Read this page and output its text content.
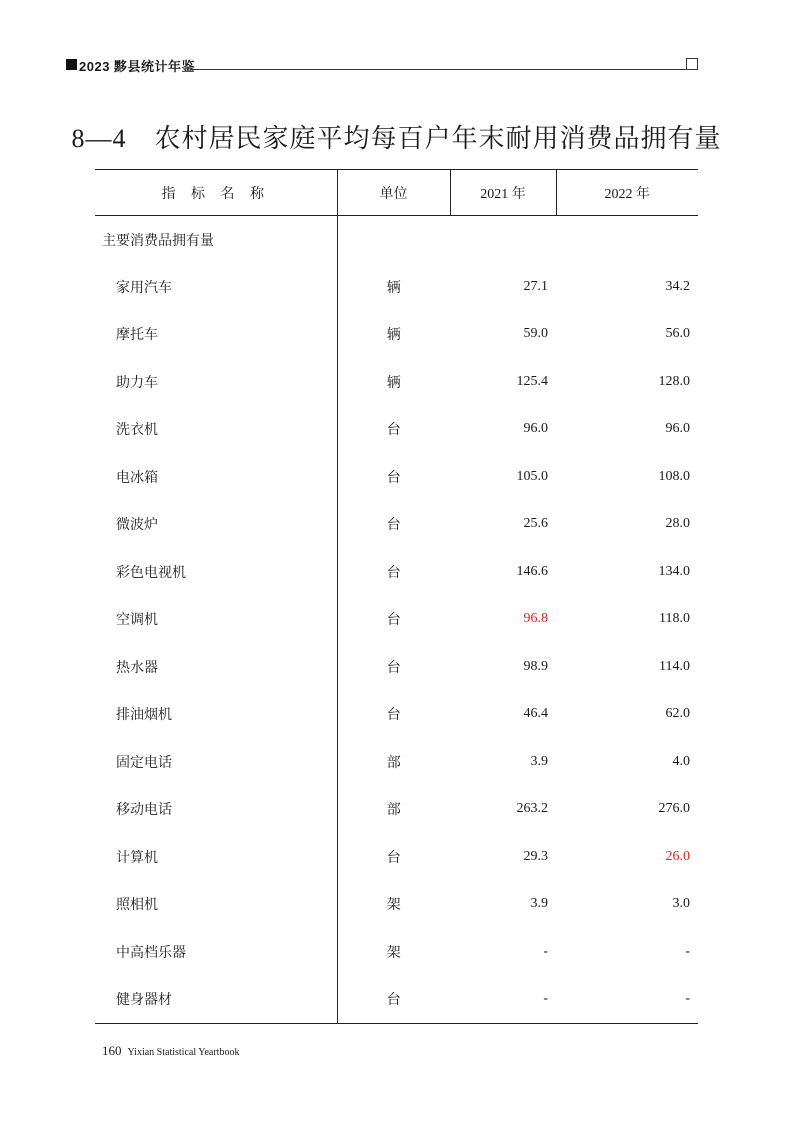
2023 黟县统计年鉴
8—4 农村居民家庭平均每百户年末耐用消费品拥有量
指 标 名 称	单位	2021 年	2022 年
主要消费品拥有量			
家用汽车	辆	27.1	34.2
摩托车	辆	59.0	56.0
助力车	辆	125.4	128.0
洗衣机	台	96.0	96.0
电冰箱	台	105.0	108.0
微波炉	台	25.6	28.0
彩色电视机	台	146.6	134.0
空调机	台	96.8	118.0
热水器	台	98.9	114.0
排油烟机	台	46.4	62.0
固定电话	部	3.9	4.0
移动电话	部	263.2	276.0
计算机	台	29.3	26.0
照相机	架	3.9	3.0
中高档乐器	架	-	-
健身器材	台	-	-
160 Yixian Statistical Yeartbook
